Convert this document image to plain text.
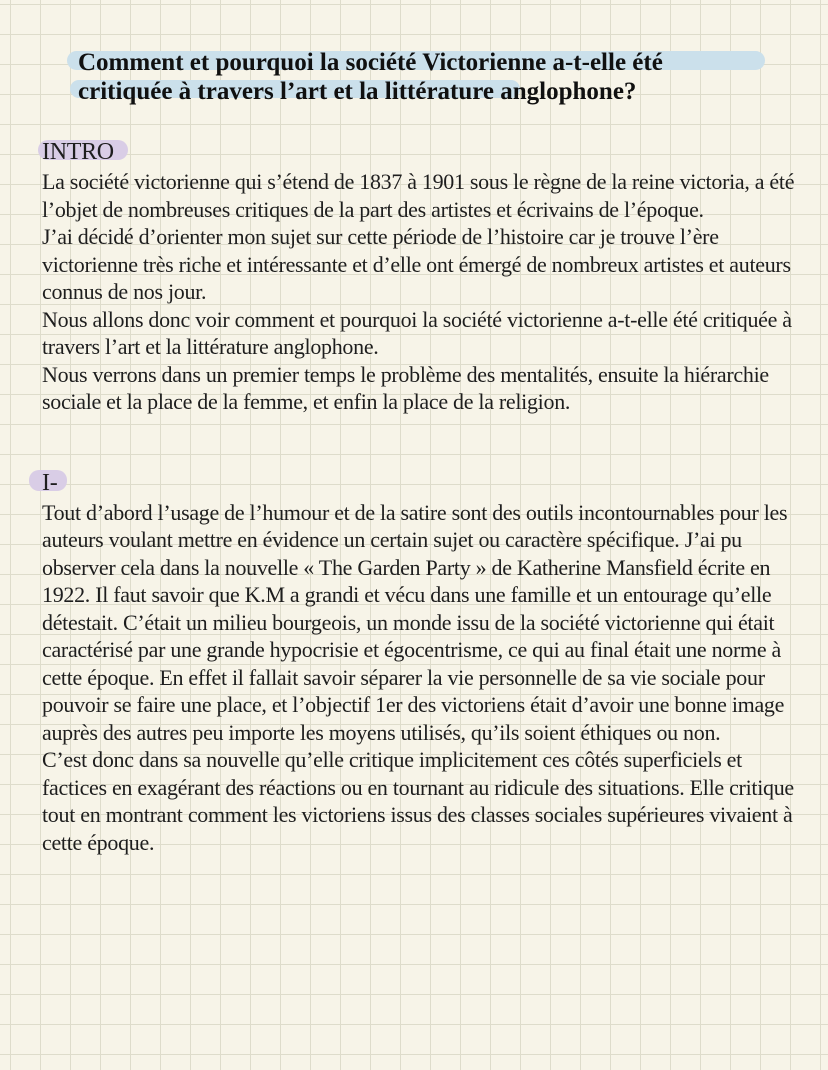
Comment et pourquoi la société Victorienne a-t-elle été
critiquée à travers l’art et la littérature anglophone?
INTRO

La société victorienne qui s’étend de 1837 à 1901 sous le règne de la reine victoria, a été l’objet de nombreuses critiques de la part des artistes et écrivains de l’époque.

J’ai décidé d’orienter mon sujet sur cette période de l’histoire car je trouve l’ère victorienne très riche et intéressante et d’elle ont émergé de nombreux artistes et auteurs connus de nos jour.

Nous allons donc voir comment et pourquoi la société victorienne a-t-elle été critiquée à travers l’art et la littérature anglophone.

Nous verrons dans un premier temps le problème des mentalités, ensuite la hiérarchie sociale et la place de la femme, et enfin la place de la religion.

I-

Tout d’abord l’usage de l’humour et de la satire sont des outils incontournables pour les auteurs voulant mettre en évidence un certain sujet ou caractère spécifique. J’ai pu observer cela dans la nouvelle « The Garden Party » de Katherine Mansfield écrite en 1922. Il faut savoir que K.M a grandi et vécu dans une famille et un entourage qu’elle détestait. C’était un milieu bourgeois, un monde issu de la société victorienne qui était caractérisé par une grande hypocrisie et égocentrisme, ce qui au final était une norme à cette époque. En effet il fallait savoir séparer la vie personnelle de sa vie sociale pour pouvoir se faire une place, et l’objectif 1er des victoriens était d’avoir une bonne image auprès des autres peu importe les moyens utilisés, qu’ils soient éthiques ou non.

C’est donc dans sa nouvelle qu’elle critique implicitement ces côtés superficiels et factices en exagérant des réactions ou en tournant au ridicule des situations. Elle critique tout en montrant comment les victoriens issus des classes sociales supérieures vivaient à cette époque.
